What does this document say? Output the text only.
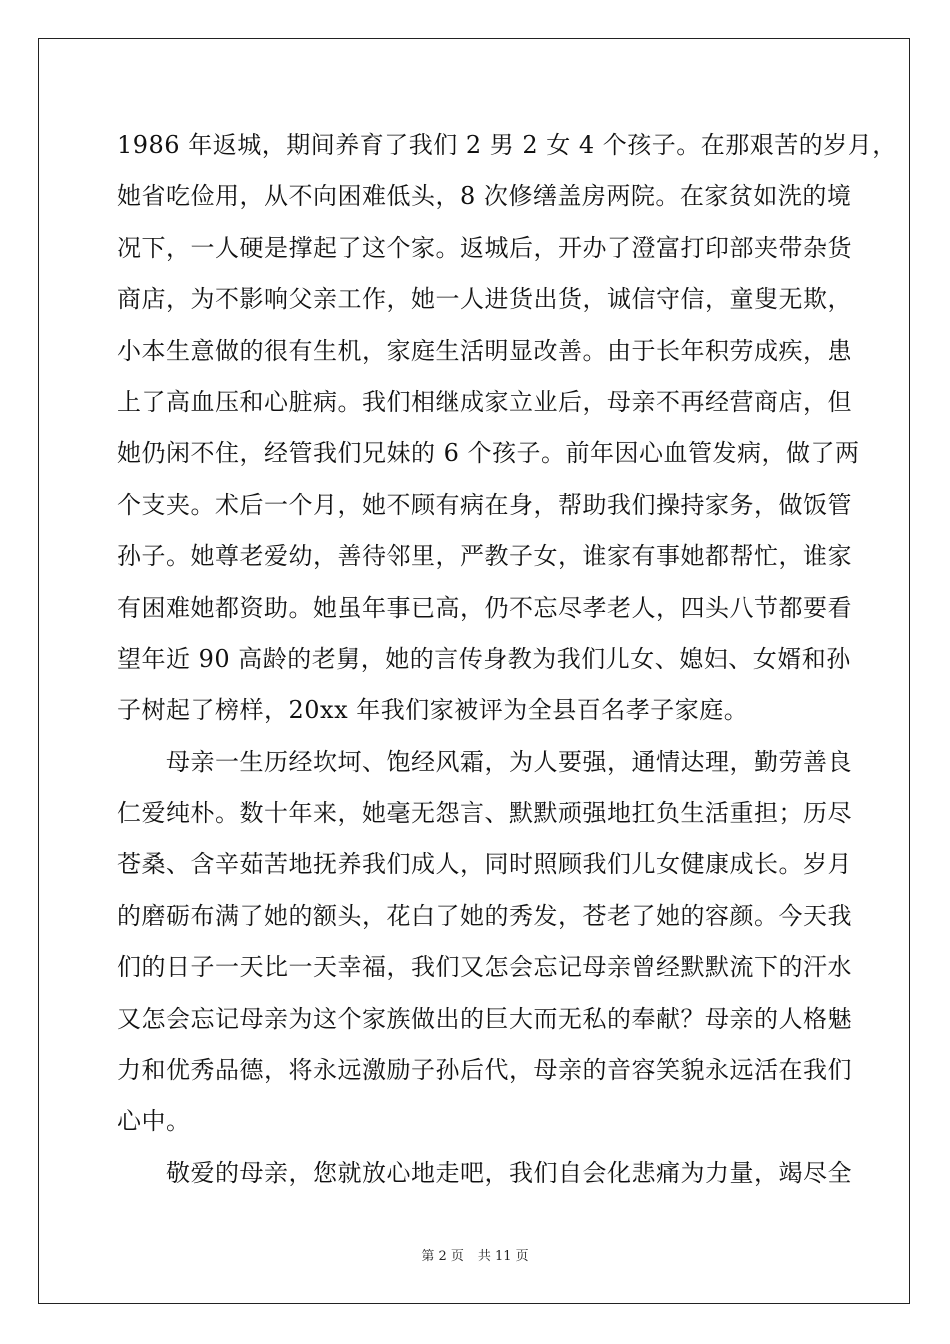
1986 年返城，期间养育了我们 2 男 2 女 4 个孩子。在那艰苦的岁月，
她省吃俭用，从不向困难低头，8 次修缮盖房两院。在家贫如洗的境
况下，一人硬是撑起了这个家。返城后，开办了澄富打印部夹带杂货
商店，为不影响父亲工作，她一人进货出货，诚信守信，童叟无欺，
小本生意做的很有生机，家庭生活明显改善。由于长年积劳成疾，患
上了高血压和心脏病。我们相继成家立业后，母亲不再经营商店，但
她仍闲不住，经管我们兄妹的 6 个孩子。前年因心血管发病，做了两
个支夹。术后一个月，她不顾有病在身，帮助我们操持家务，做饭管
孙子。她尊老爱幼，善待邻里，严教子女，谁家有事她都帮忙，谁家
有困难她都资助。她虽年事已高，仍不忘尽孝老人，四头八节都要看
望年近 90 高龄的老舅，她的言传身教为我们儿女、媳妇、女婿和孙
子树起了榜样，20xx 年我们家被评为全县百名孝子家庭。
　　母亲一生历经坎坷、饱经风霜，为人要强，通情达理，勤劳善良
仁爱纯朴。数十年来，她毫无怨言、默默顽强地扛负生活重担；历尽
苍桑、含辛茹苦地抚养我们成人，同时照顾我们儿女健康成长。岁月
的磨砺布满了她的额头，花白了她的秀发，苍老了她的容颜。今天我
们的日子一天比一天幸福，我们又怎会忘记母亲曾经默默流下的汗水
又怎会忘记母亲为这个家族做出的巨大而无私的奉献？母亲的人格魅
力和优秀品德，将永远激励子孙后代，母亲的音容笑貌永远活在我们
心中。
　　敬爱的母亲，您就放心地走吧，我们自会化悲痛为力量，竭尽全
第 2 页 共 11 页
